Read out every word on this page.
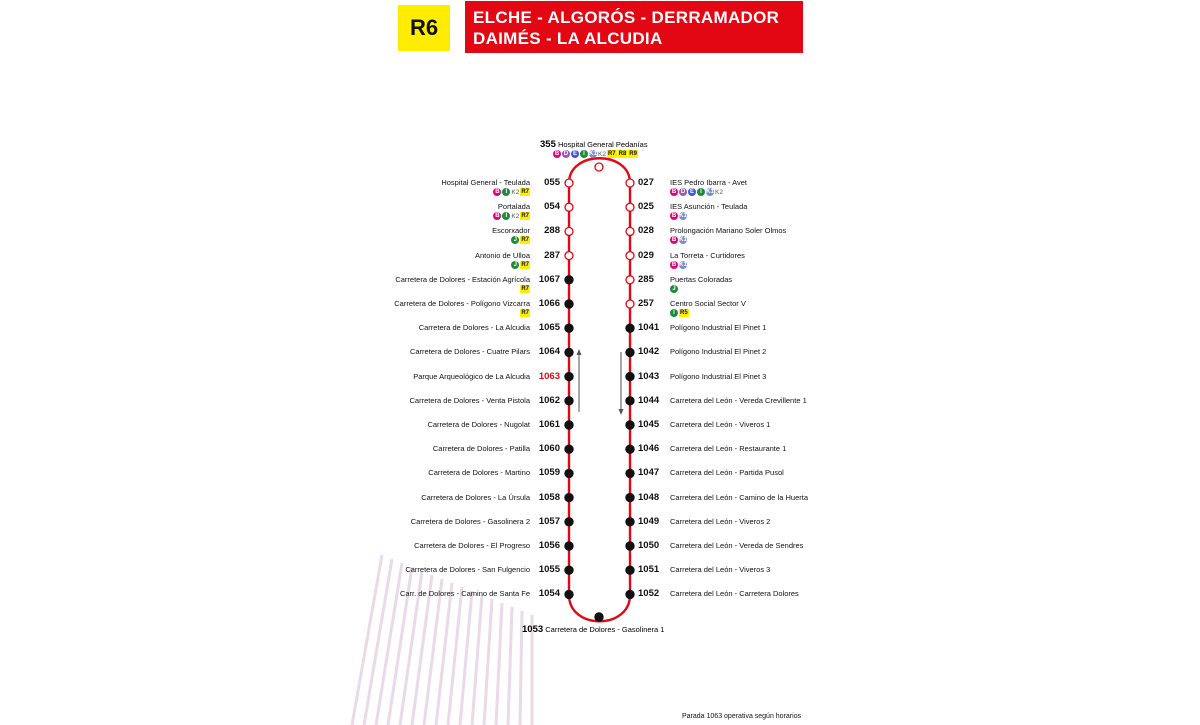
R6	ELCHE - ALGORÓS - DERRAMADOR
DAIMÉS - LA ALCUDIA
355 Hospital General Pedanías
B D E	I K1 K2 R7 R8 R9
Hospital General - Teulada 055
B I K2 R7
Portalada 054
B I K2 R7
Escorxador 288
J R7
Antonio de Ulloa 287
J R7
Carretera de Dolores - Estación Agrícola 1067
R7
Carretera de Dolores - Polígono Vizcarra 1066
R7
Carretera de Dolores - La Alcudia 1065
Carretera de Dolores - Cuatre Pilars 1064
Parque Arqueológico de La Alcudia 1063
Carretera de Dolores - Venta Pistola 1062
Carretera de Dolores - Nugolat 1061
Carretera de Dolores - Patilla 1060
Carretera de Dolores - Martino 1059
Carretera de Dolores - La Úrsula 1058
Carretera de Dolores - Gasolinera 2 1057
Carretera de Dolores - El Progreso 1056
Carretera de Dolores - San Fulgencio 1055
Carr. de Dolores - Camino de Santa Fe 1054
027 IES Pedro Ibarra - Avet
B D E	I K1 K2
025 IES Asunción - Teulada
B K1
028 Prolongación Mariano Soler Olmos
B K1
029 La Torreta - Curtidores
B K1
285 Puertas Coloradas
J
257 Centro Social Sector V
I R5
1041 Polígono Industrial El Pinet 1
1042 Polígono Industrial El Pinet 2
1043 Polígono Industrial El Pinet 3
1044 Carretera del León - Vereda Crevillente 1
1045 Carretera del León - Viveros 1
1046 Carretera del León - Restaurante 1
1047 Carretera del León - Partida Pusol
1048 Carretera del León - Camino de la Huerta
1049 Carretera del León - Viveros 2
1050 Carretera del León - Vereda de Sendres
1051 Carretera del León - Viveros 3
1052 Carretera del León - Carretera Dolores
1053 Carretera de Dolores - Gasolinera 1
Parada 1063 operativa según horarios
